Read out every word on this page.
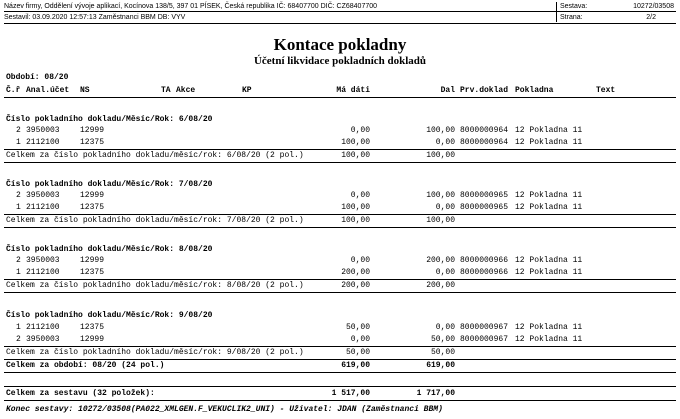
Název firmy, Oddělení vývoje aplikací, Kocínova 138/5, 397 01 PÍSEK, Česká republika IČ: 68407700 DIČ: CZ68407700
Sestavil: 03.09.2020 12:57:13 Zaměstnanci BBM DB: VYV
Sestava:
Strana:
10272/03508
2/2
Kontace pokladny
Účetní likvidace pokladních dokladů
Období: 08/20
Č.ř Anal.účet NS	TA Akce	KP	Má dáti	Dal Prv.doklad Pokladna	Text
Číslo pokladního dokladu/Měsíc/Rok: 6/08/20
2 3950003	12999	0,00	100,00 8000000964 12 Pokladna 11
1 2112100	12375	100,00	0,00 8000000964 12 Pokladna 11
Celkem za číslo pokladního dokladu/měsíc/rok: 6/08/20 (2 pol.)	100,00	100,00
Číslo pokladního dokladu/Měsíc/Rok: 7/08/20
2 3950003	12999	0,00	100,00 8000000965 12 Pokladna 11
1 2112100	12375	100,00	0,00 8000000965 12 Pokladna 11
Celkem za číslo pokladního dokladu/měsíc/rok: 7/08/20 (2 pol.)	100,00	100,00
Číslo pokladního dokladu/Měsíc/Rok: 8/08/20
2 3950003	12999	0,00	200,00 8000000966 12 Pokladna 11
1 2112100	12375	200,00	0,00 8000000966 12 Pokladna 11
Celkem za číslo pokladního dokladu/měsíc/rok: 8/08/20 (2 pol.)	200,00	200,00
Číslo pokladního dokladu/Měsíc/Rok: 9/08/20
1 2112100	12375	50,00	0,00 8000000967 12 Pokladna 11
2 3950003	12999	0,00	50,00 8000000967 12 Pokladna 11
Celkem za číslo pokladního dokladu/měsíc/rok: 9/08/20 (2 pol.)	50,00	50,00
Celkem za období: 08/20 (24 pol.)	619,00	619,00
Celkem za sestavu (32 položek):	1 517,00	1 717,00
Konec sestavy: 10272/03508(PA022_XMLGEN.F_VEKUCLIK2_UNI) - Uživatel: JDAN (Zaměstnanci BBM)
